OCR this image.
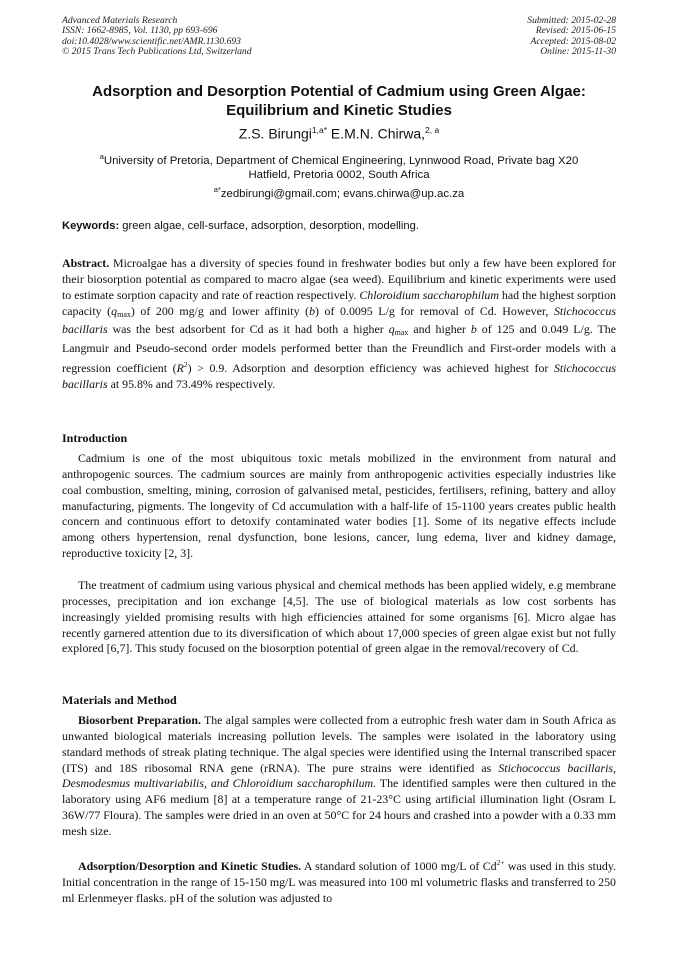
Advanced Materials Research
ISSN: 1662-8985, Vol. 1130, pp 693-696
doi:10.4028/www.scientific.net/AMR.1130.693
© 2015 Trans Tech Publications Ltd, Switzerland
Submitted: 2015-02-28
Revised: 2015-06-15
Accepted: 2015-08-02
Online: 2015-11-30
Adsorption and Desorption Potential of Cadmium using Green Algae:
Equilibrium and Kinetic Studies
Z.S. Birungi$^{1,a*}$ E.M.N. Chirwa,$^{2, a}$
$^a$University of Pretoria, Department of Chemical Engineering, Lynnwood Road, Private bag X20
Hatfield, Pretoria 0002, South Africa
$^{a*}$zedbirungi@gmail.com; evans.chirwa@up.ac.za
Keywords: green algae, cell-surface, adsorption, desorption, modelling.

Abstract. Microalgae has a diversity of species found in freshwater bodies but only a few have been explored for their biosorption potential as compared to macro algae (sea weed). Equilibrium and kinetic experiments were used to estimate sorption capacity and rate of reaction respectively. Chloroidium saccharophilum had the highest sorption capacity $(q_{max})$ of 200 mg/g and lower affinity (b) of 0.0095 L/g for removal of Cd. However, Stichococcus bacillaris was the best adsorbent for Cd as it had both a higher $q_{max}$ and higher b of 125 and 0.049 L/g. The Langmuir and Pseudo-second order models performed better than the Freundlich and First-order models with a regression coefficient $(R^2) > 0.9$. Adsorption and desorption efficiency was achieved highest for Stichococcus bacillaris at 95.8% and 73.49% respectively.

Introduction

Cadmium is one of the most ubiquitous toxic metals mobilized in the environment from natural and anthropogenic sources. The cadmium sources are mainly from anthropogenic activities especially industries like coal combustion, smelting, mining, corrosion of galvanised metal, pesticides, fertilisers, refining, battery and alloy manufacturing, pigments. The longevity of Cd accumulation with a half-life of 15-1100 years creates public health concern and continuous effort to detoxify contaminated water bodies [1]. Some of its negative effects include among others hypertension, renal dysfunction, bone lesions, cancer, lung edema, liver and kidney damage, reproductive toxicity [2, 3].

The treatment of cadmium using various physical and chemical methods has been applied widely, e.g membrane processes, precipitation and ion exchange [4,5]. The use of biological materials as low cost sorbents has increasingly yielded promising results with high efficiencies attained for some organisms [6]. Micro algae has recently garnered attention due to its diversification of which about 17,000 species of green algae exist but not fully explored [6,7]. This study focused on the biosorption potential of green algae in the removal/recovery of Cd.

Materials and Method

Biosorbent Preparation. The algal samples were collected from a eutrophic fresh water dam in South Africa as unwanted biological materials increasing pollution levels. The samples were isolated in the laboratory using standard methods of streak plating technique. The algal species were identified using the Internal transcribed spacer (ITS) and 18S ribosomal RNA gene (rRNA). The pure strains were identified as Stichococcus bacillaris, Desmodesmus multivariabilis, and Chloroidium saccharophilum. The identified samples were then cultured in the laboratory using AF6 medium [8] at a temperature range of 21-23°C using artificial illumination light (Osram L 36W/77 Floura). The samples were dried in an oven at 50°C for 24 hours and crashed into a powder with a 0.33 mm mesh size.

Adsorption/Desorption and Kinetic Studies. A standard solution of 1000 mg/L of $Cd^{2+}$ was used in this study. Initial concentration in the range of 15-150 mg/L was measured into 100 ml volumetric flasks and transferred to 250 ml Erlenmeyer flasks. pH of the solution was adjusted to
